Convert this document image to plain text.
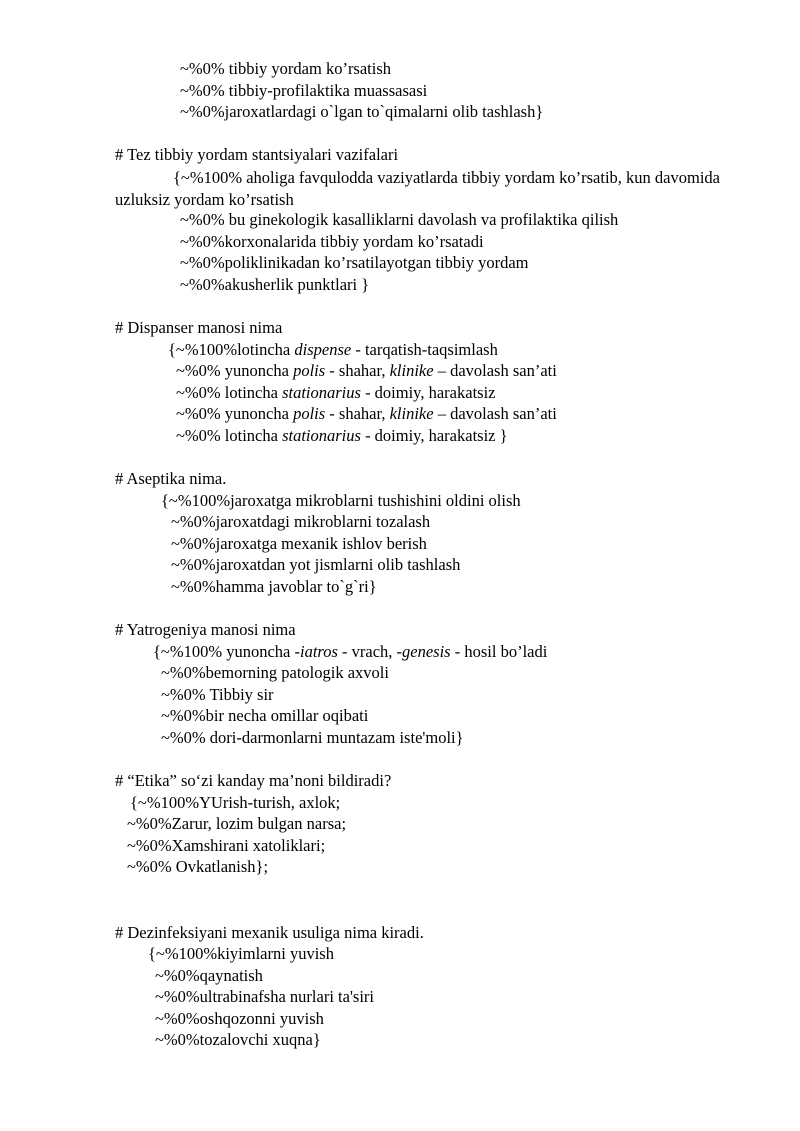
~%0% tibbiy yordam ko’rsatish
~%0% tibbiy-profilaktika muassasasi
~%0%jaroxatlardagi o`lgan to`qimalarni olib tashlash}
# Tez tibbiy yordam stantsiyalari vazifalari
{~%100% aholiga favqulodda vaziyatlarda tibbiy yordam ko’rsatib, kun davomida uzluksiz yordam ko’rsatish
~%0% bu ginekologik kasalliklarni davolash va profilaktika qilish
~%0%korxonalarida tibbiy yordam ko’rsatadi
~%0%poliklinikadan ko’rsatilayotgan tibbiy yordam
~%0%akusherlik punktlari }
# Dispanser manosi nima
{~%100%lotincha dispense - tarqatish-taqsimlash
~%0% yunoncha polis - shahar, klinike – davolash san’ati
~%0% lotincha stationarius - doimiy, harakatsiz
~%0% yunoncha polis - shahar, klinike – davolash san’ati
~%0% lotincha stationarius - doimiy, harakatsiz }
# Aseptika nima.
{~%100%jaroxatga mikroblarni tushishini oldini olish
~%0%jaroxatdagi mikroblarni tozalash
~%0%jaroxatga mexanik ishlov berish
~%0%jaroxatdan yot jismlarni olib tashlash
~%0%hamma javoblar to`g`ri}
# Yatrogeniya manosi nima
{~%100% yunoncha -iatros - vrach, -genesis - hosil bo’ladi
~%0%bemorning patologik axvoli
~%0% Tibbiy sir
~%0%bir necha omillar oqibati
~%0% dori-darmonlarni muntazam iste'moli}
# “Etika” so‘zi kanday ma’noni bildiradi?
{~%100%YUrish-turish, axlok;
~%0%Zarur, lozim bulgan narsa;
~%0%Xamshirani xatoliklari;
~%0% Ovkatlanish};
# Dezinfeksiyani mexanik usuliga nima kiradi.
{~%100%kiyimlarni yuvish
~%0%qaynatish
~%0%ultrabinafsha nurlari ta'siri
~%0%oshqozonni yuvish
~%0%tozalovchi xuqna}
